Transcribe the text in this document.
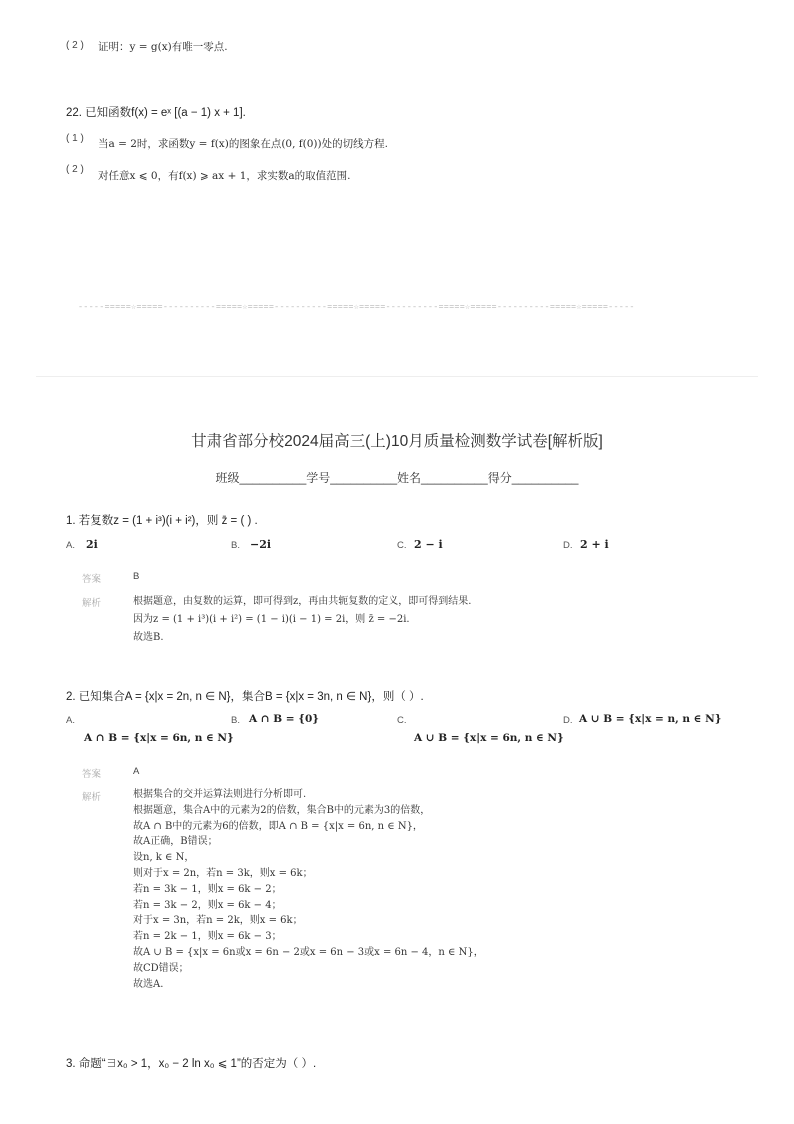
( 2 ) 证明：y = g(x)有唯一零点.
22. 已知函数f(x) = eˣ [(a − 1) x + 1].
( 1 ) 当a = 2时，求函数y = f(x)的图象在点(0, f(0))处的切线方程.
( 2 )
对任意x ⩽ 0，有f(x) ⩾ ax + 1，求实数a的取值范围.
-----=====☆=====----------=====☆=====----------=====☆=====----------=====☆=====----------=====☆=====-----
甘肃省部分校2024届高三(上)10月质量检测数学试卷[解析版]
班级__________学号__________姓名__________得分__________
1. 若复数z = (1 + i³)(i + i²)，则 z̄ = ( ) .
A. 2i	B. −2i	C. 2 − i	D. 2 + i
答案	B
解析	根据题意，由复数的运算，即可得到z，再由共轭复数的定义，即可得到结果.
因为z = (1 + i³)(i + i²) = (1 − i)(i − 1) = 2i，则 z̄ = −2i.
故选B.
2. 已知集合A = {x|x = 2n, n ∈ N}，集合B = {x|x = 3n, n ∈ N}，则（ ）.
A.
A ∩ B = {x|x = 6n, n ∈ N}
B. A ∩ B = {0}	C.
A ∪ B = {x|x = 6n, n ∈ N}
D. A ∪ B = {x|x = n, n ∈ N}
答案	A
解析	根据集合的交并运算法则进行分析即可.
根据题意，集合A中的元素为2的倍数，集合B中的元素为3的倍数，
故A ∩ B中的元素为6的倍数，即A ∩ B = {x|x = 6n, n ∈ N}，
故A正确，B错误；
设n, k ∈ N，
则对于x = 2n，若n = 3k，则x = 6k；
若n = 3k − 1，则x = 6k − 2；
若n = 3k − 2，则x = 6k − 4；
对于x = 3n，若n = 2k，则x = 6k；
若n = 2k − 1，则x = 6k − 3；
故A ∪ B = {x|x = 6n或x = 6n − 2或x = 6n − 3或x = 6n − 4，n ∈ N}，
故CD错误；
故选A.
3. 命题“∃x₀ > 1，x₀ − 2 ln x₀ ⩽ 1”的否定为（ ）.
